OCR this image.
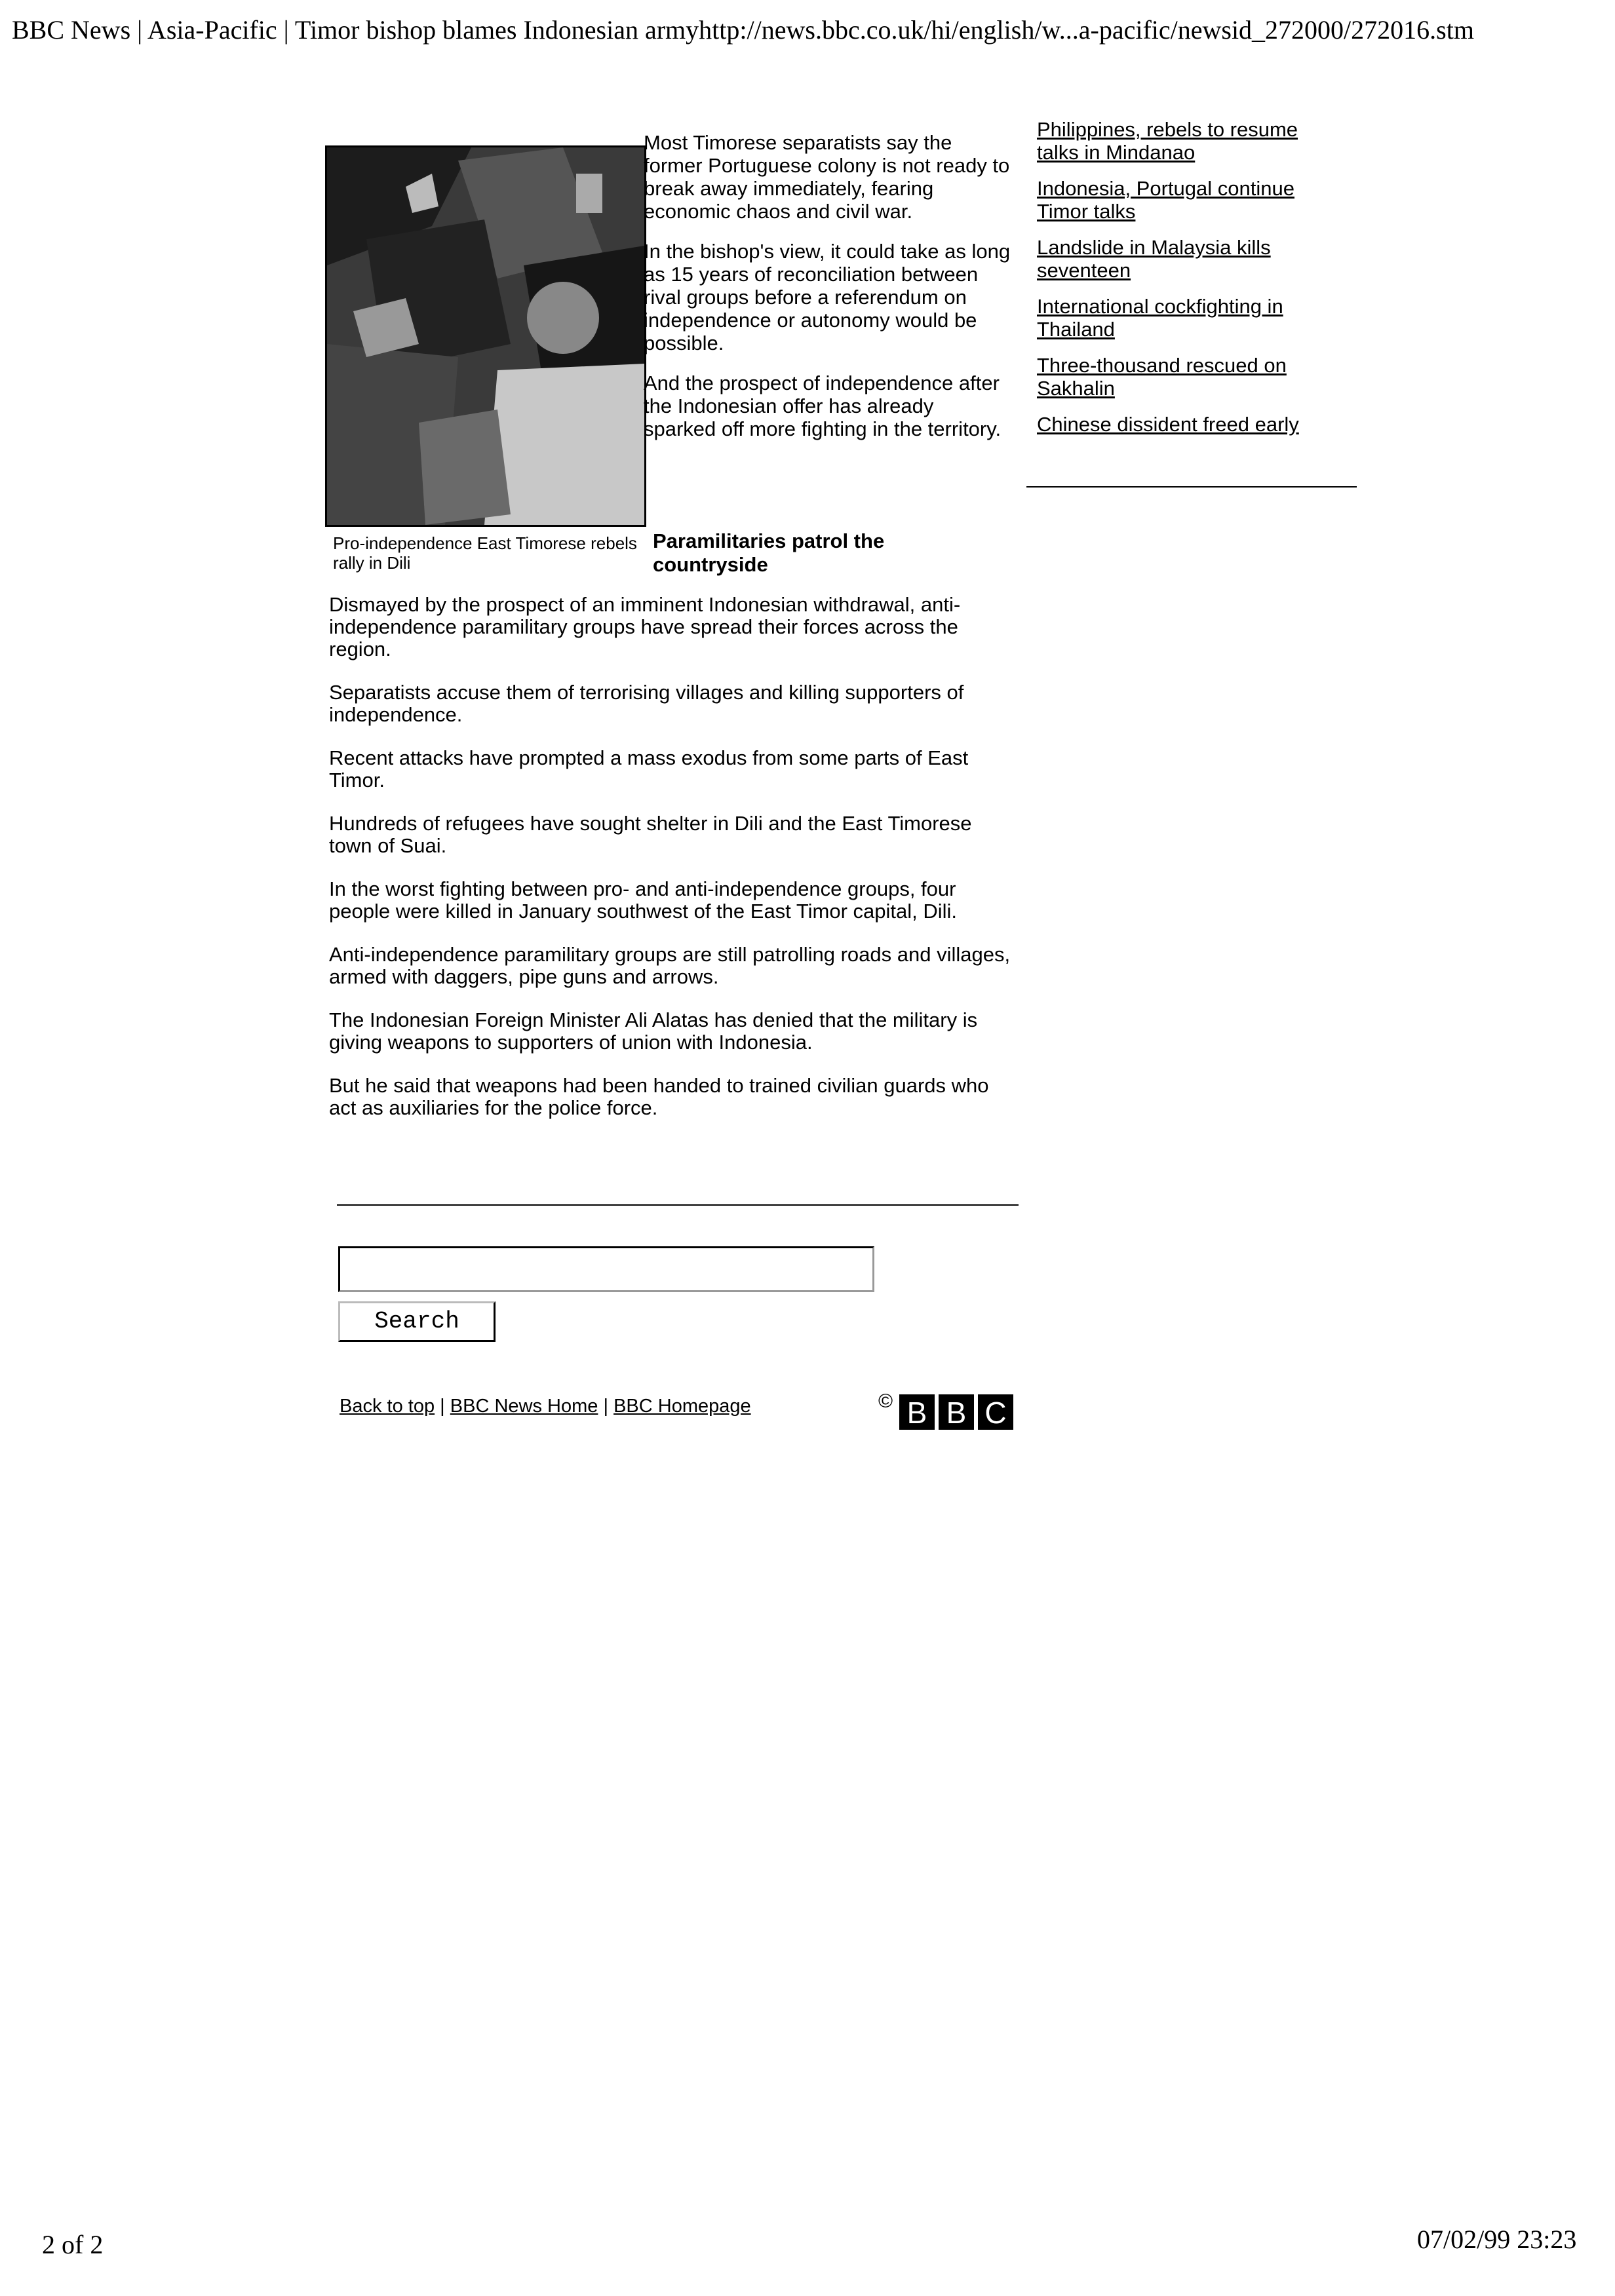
BBC News | Asia-Pacific | Timor bishop blames Indonesian armyhttp://news.bbc.co.uk/hi/english/w...a-pacific/newsid_272000/272016.stm
Pro-independence East Timorese rebels rally in Dili

Most Timorese separatists say the former Portuguese colony is not ready to break away immediately, fearing economic chaos and civil war.

In the bishop's view, it could take as long as 15 years of reconciliation between rival groups before a referendum on independence or autonomy would be possible.

And the prospect of independence after the Indonesian offer has already sparked off more fighting in the territory.

Paramilitaries patrol the countryside

Dismayed by the prospect of an imminent Indonesian withdrawal, anti-independence paramilitary groups have spread their forces across the region.

Separatists accuse them of terrorising villages and killing supporters of independence.

Recent attacks have prompted a mass exodus from some parts of East Timor.

Hundreds of refugees have sought shelter in Dili and the East Timorese town of Suai.

In the worst fighting between pro- and anti-independence groups, four people were killed in January southwest of the East Timor capital, Dili.

Anti-independence paramilitary groups are still patrolling roads and villages, armed with daggers, pipe guns and arrows.

The Indonesian Foreign Minister Ali Alatas has denied that the military is giving weapons to supporters of union with Indonesia.

But he said that weapons had been handed to trained civilian guards who act as auxiliaries for the police force.

Philippines, rebels to resume talks in Mindanao
Indonesia, Portugal continue Timor talks
Landslide in Malaysia kills seventeen
International cockfighting in Thailand
Three-thousand rescued on Sakhalin
Chinese dissident freed early
Search
Back to top | BBC News Home | BBC Homepage	© B B C
2 of 2	07/02/99 23:23
